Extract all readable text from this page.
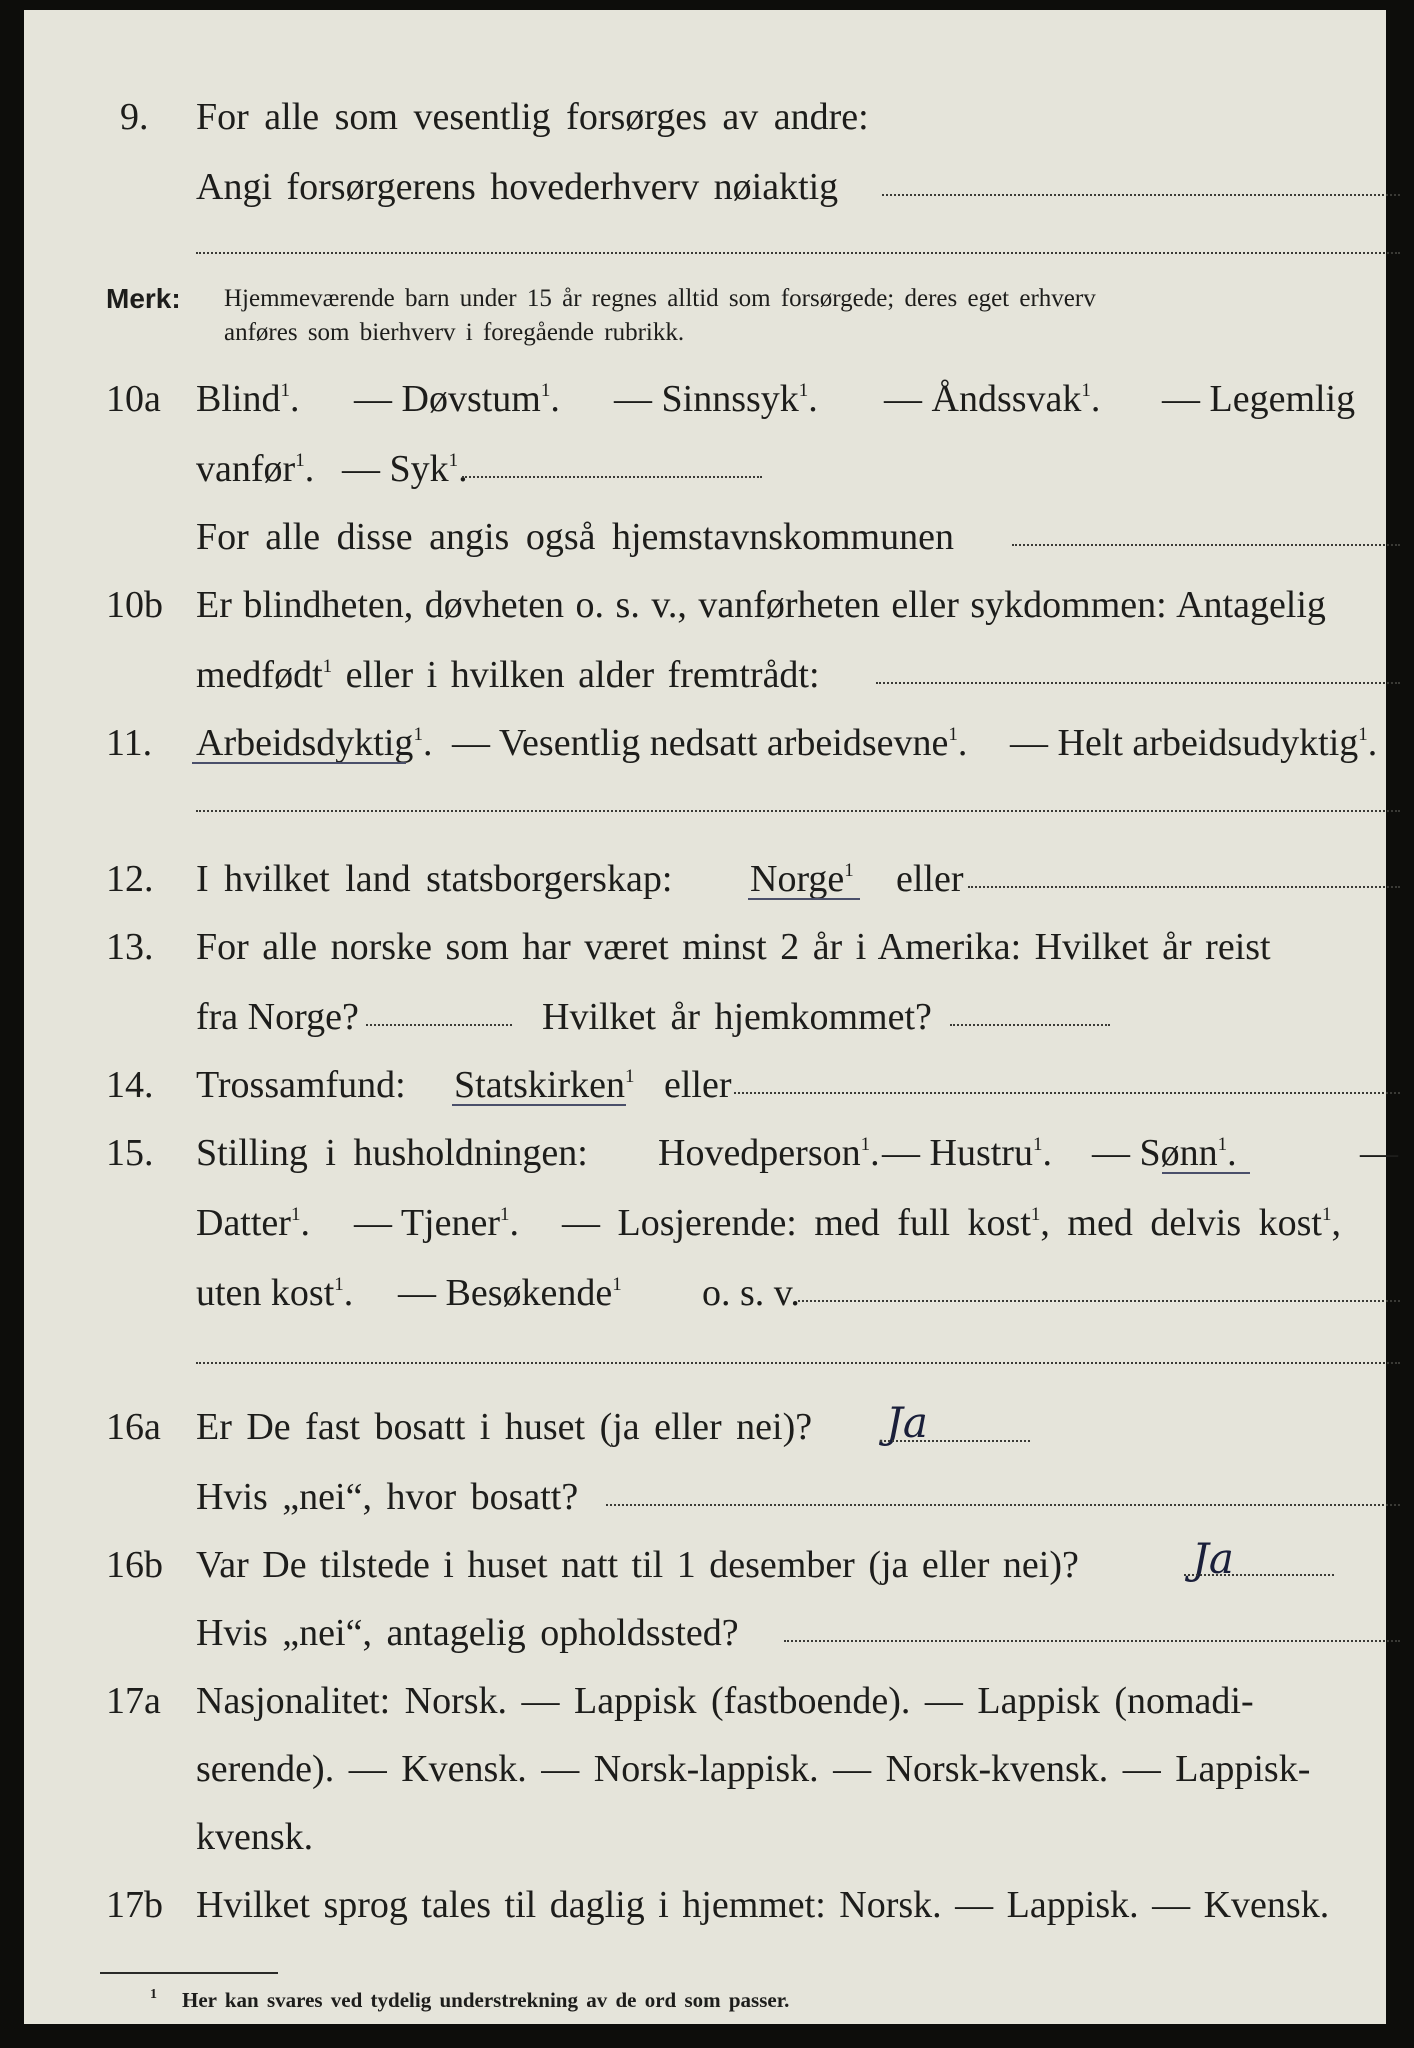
9. For alle som vesentlig forsørges av andre:
Angi forsørgerens hovederhverv nøiaktig
Merk: Hjemmeværende barn under 15 år regnes alltid som forsørgede; deres eget erhverv
anføres som bierhverv i foregående rubrikk.
10a Blind$^1$. — Døvstum$^1$. — Sinnssyk$^1$. — Åndssvak$^1$. — Legemlig
vanfør$^1$. — Syk$^1$.
For alle disse angis også hjemstavnskommunen
10b Er blindheten, døvheten o. s. v., vanførheten eller sykdommen: Antagelig
medfødt$^1$ eller i hvilken alder fremtrådt:
11. Arbeidsdyktig$^1$. — Vesentlig nedsatt arbeidsevne$^1$. — Helt arbeidsudyktig$^1$.
12. I hvilket land statsborgerskap: Norge$^1$ eller
13. For alle norske som har været minst 2 år i Amerika: Hvilket år reist
fra Norge?	Hvilket år hjemkommet?
14. Trossamfund: Statskirken$^1$ eller
15. Stilling i husholdningen: Hovedperson$^1$. — Hustru$^1$. — Sønn$^1$.	—
Datter$^1$. — Tjener$^1$. — Losjerende: med full kost$^1$, med delvis kost$^1$,
uten kost$^1$. — Besøkende$^1$ o. s. v.
16a Er De fast bosatt i huset (ja eller nei)? Ja
Hvis „nei“, hvor bosatt?
16b Var De tilstede i huset natt til 1 desember (ja eller nei)?	Ja
Hvis „nei“, antagelig opholdssted?
17a Nasjonalitet: Norsk. — Lappisk (fastboende). — Lappisk (nomadi-
serende). — Kvensk. — Norsk-lappisk. — Norsk-kvensk. — Lappisk-
kvensk.
17b Hvilket sprog tales til daglig i hjemmet: Norsk. — Lappisk. — Kvensk.
1 Her kan svares ved tydelig understrekning av de ord som passer.
